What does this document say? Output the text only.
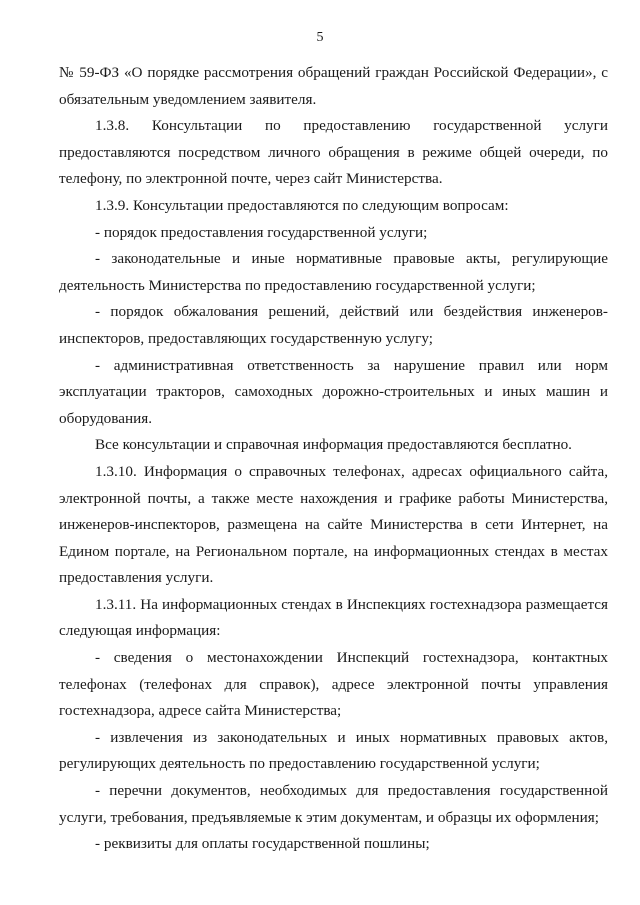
5

№ 59-ФЗ «О порядке рассмотрения обращений граждан Российской Федерации», с обязательным уведомлением заявителя.

1.3.8. Консультации по предоставлению государственной услуги предоставляются посредством личного обращения в режиме общей очереди, по телефону, по электронной почте, через сайт Министерства.

1.3.9. Консультации предоставляются по следующим вопросам:

- порядок предоставления государственной услуги;

- законодательные и иные нормативные правовые акты, регулирующие деятельность Министерства по предоставлению государственной услуги;

- порядок обжалования решений, действий или бездействия инженеров-инспекторов, предоставляющих государственную услугу;

- административная ответственность за нарушение правил или норм эксплуатации тракторов, самоходных дорожно-строительных и иных машин и оборудования.

Все консультации и справочная информация предоставляются бесплатно.

1.3.10. Информация о справочных телефонах, адресах официального сайта, электронной почты, а также месте нахождения и графике работы Министерства, инженеров-инспекторов, размещена на сайте Министерства в сети Интернет, на Едином портале, на Региональном портале, на информационных стендах в местах предоставления услуги.

1.3.11. На информационных стендах в Инспекциях гостехнадзора размещается следующая информация:

- сведения о местонахождении Инспекций гостехнадзора, контактных телефонах (телефонах для справок), адресе электронной почты управления гостехнадзора, адресе сайта Министерства;

- извлечения из законодательных и иных нормативных правовых актов, регулирующих деятельность по предоставлению государственной услуги;

- перечни документов, необходимых для предоставления государственной услуги, требования, предъявляемые к этим документам, и образцы их оформления;

- реквизиты для оплаты государственной пошлины;
